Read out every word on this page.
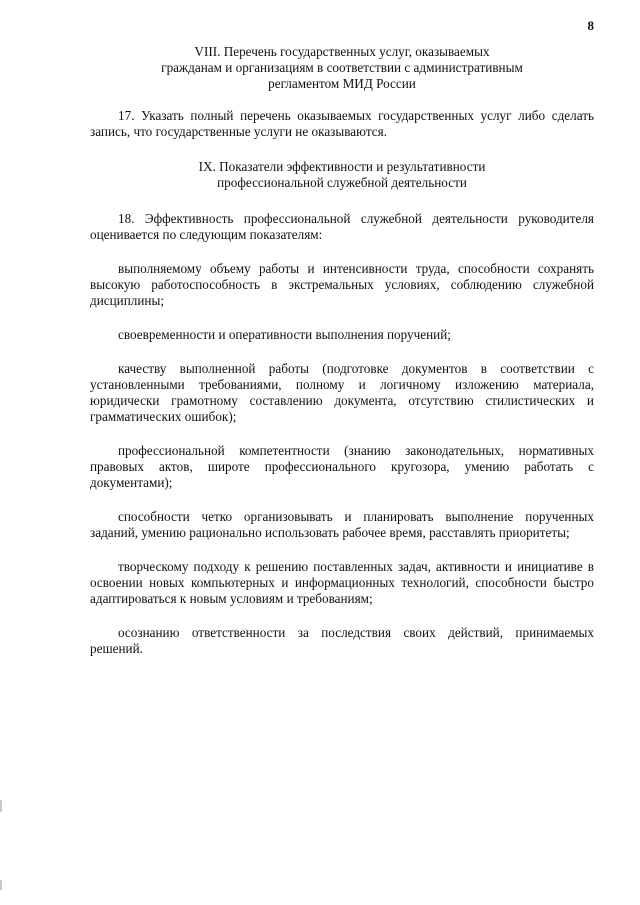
8
VIII. Перечень государственных услуг, оказываемых
гражданам и организациям в соответствии с административным
регламентом МИД России

17. Указать полный перечень оказываемых государственных услуг либо сделать запись, что государственные услуги не оказываются.

IX. Показатели эффективности и результативности
профессиональной служебной деятельности

18. Эффективность профессиональной служебной деятельности руководителя оценивается по следующим показателям:

выполняемому объему работы и интенсивности труда, способности сохранять высокую работоспособность в экстремальных условиях, соблюдению служебной дисциплины;

своевременности и оперативности выполнения поручений;

качеству выполненной работы (подготовке документов в соответствии с установленными требованиями, полному и логичному изложению материала, юридически грамотному составлению документа, отсутствию стилистических и грамматических ошибок);

профессиональной компетентности (знанию законодательных, нормативных правовых актов, широте профессионального кругозора, умению работать с документами);

способности четко организовывать и планировать выполнение порученных заданий, умению рационально использовать рабочее время, расставлять приоритеты;

творческому подходу к решению поставленных задач, активности и инициативе в освоении новых компьютерных и информационных технологий, способности быстро адаптироваться к новым условиям и требованиям;

осознанию ответственности за последствия своих действий, принимаемых решений.
